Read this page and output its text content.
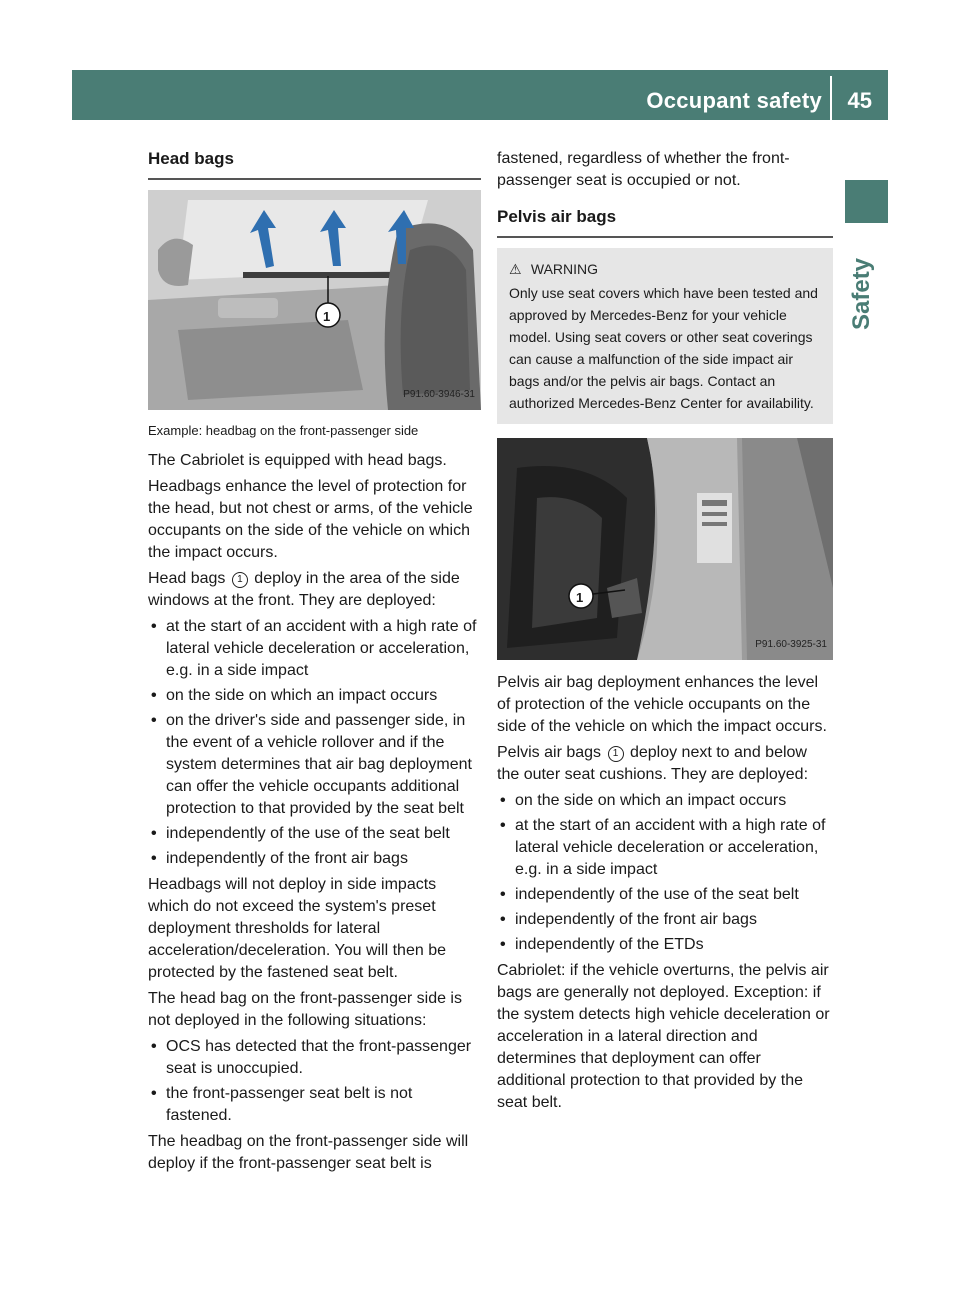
Occupant safety 45
Safety
Head bags
1
P91.60-3946-31
Example: headbag on the front-passenger side

The Cabriolet is equipped with head bags.

Headbags enhance the level of protection for the head, but not chest or arms, of the vehicle occupants on the side of the vehicle on which the impact occurs.

Head bags 1 deploy in the area of the side windows at the front. They are deployed:

• at the start of an accident with a high rate of lateral vehicle deceleration or acceleration, e.g. in a side impact
• on the side on which an impact occurs
• on the driver's side and passenger side, in the event of a vehicle rollover and if the system determines that air bag deployment can offer the vehicle occupants additional protection to that provided by the seat belt
• independently of the use of the seat belt
• independently of the front air bags

Headbags will not deploy in side impacts which do not exceed the system's preset deployment thresholds for lateral acceleration/deceleration. You will then be protected by the fastened seat belt.

The head bag on the front-passenger side is not deployed in the following situations:

• OCS has detected that the front-passenger seat is unoccupied.
• the front-passenger seat belt is not fastened.

The headbag on the front-passenger side will deploy if the front-passenger seat belt is

fastened, regardless of whether the front-passenger seat is occupied or not.

Pelvis air bags
⚠ WARNING
Only use seat covers which have been tested and approved by Mercedes-Benz for your vehicle model. Using seat covers or other seat coverings can cause a malfunction of the side impact air bags and/or the pelvis air bags. Contact an authorized Mercedes-Benz Center for availability.
1
P91.60-3925-31

Pelvis air bag deployment enhances the level of protection of the vehicle occupants on the side of the vehicle on which the impact occurs.

Pelvis air bags 1 deploy next to and below the outer seat cushions. They are deployed:

• on the side on which an impact occurs
• at the start of an accident with a high rate of lateral vehicle deceleration or acceleration, e.g. in a side impact
• independently of the use of the seat belt
• independently of the front air bags
• independently of the ETDs

Cabriolet: if the vehicle overturns, the pelvis air bags are generally not deployed. Exception: if the system detects high vehicle deceleration or acceleration in a lateral direction and determines that deployment can offer additional protection to that provided by the seat belt.
